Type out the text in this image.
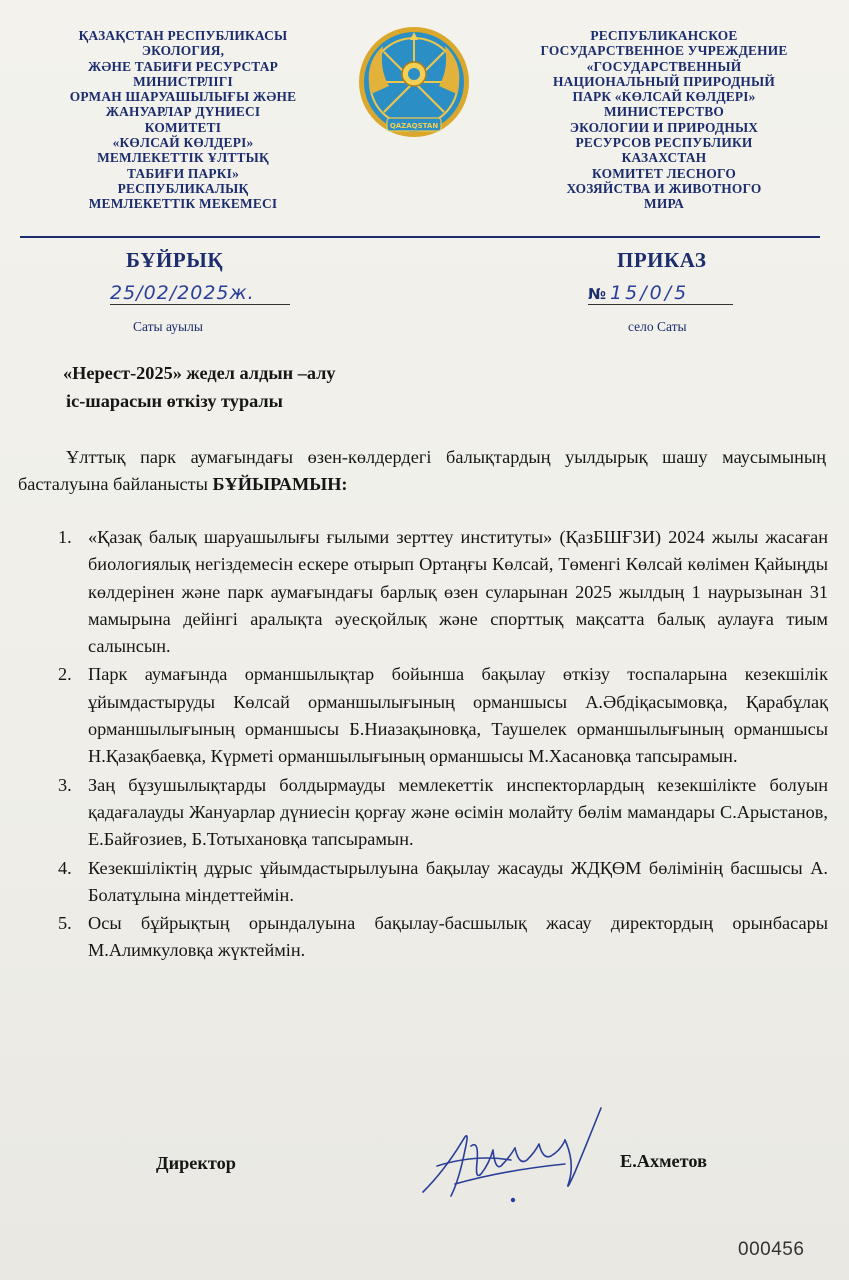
ҚАЗАҚСТАН РЕСПУБЛИКАСЫ
ЭКОЛОГИЯ,
ЖӘНЕ ТАБИҒИ РЕСУРСТАР
МИНИСТРЛІГІ
ОРМАН ШАРУАШЫЛЫҒЫ ЖӘНЕ
ЖАНУАРЛАР ДҮНИЕСІ
КОМИТЕТІ
«КӨЛСАЙ КӨЛДЕРІ»
МЕМЛЕКЕТТІК ҰЛТТЫҚ
ТАБИҒИ ПАРКІ»
РЕСПУБЛИКАЛЫҚ
МЕМЛЕКЕТТІК МЕКЕМЕСІ
QAZAQSTAN
РЕСПУБЛИКАНСКОЕ
ГОСУДАРСТВЕННОЕ УЧРЕЖДЕНИЕ
«ГОСУДАРСТВЕННЫЙ
НАЦИОНАЛЬНЫЙ ПРИРОДНЫЙ
ПАРК «КӨЛСАЙ КӨЛДЕРІ»
МИНИСТЕРСТВО
ЭКОЛОГИИ И ПРИРОДНЫХ
РЕСУРСОВ РЕСПУБЛИКИ
КАЗАХСТАН
КОМИТЕТ ЛЕСНОГО
ХОЗЯЙСТВА И ЖИВОТНОГО
МИРА
БҰЙРЫҚ	ПРИКАЗ
25/02/2025ж.	№ 15/0/5
Саты ауылы	село Саты
«Нерест-2025» жедел алдын –алу
іс-шарасын өткізу туралы
Ұлттық парк аумағындағы өзен-көлдердегі балықтардың уылдырық шашу маусымының басталуына байланысты БҰЙЫРАМЫН:
1. «Қазақ балық шаруашылығы ғылыми зерттеу институты» (ҚазБШҒЗИ) 2024 жылы жасаған биологиялық негіздемесін ескере отырып Ортаңғы Көлсай, Төменгі Көлсай көлімен Қайыңды көлдерінен және парк аумағындағы барлық өзен суларынан 2025 жылдың 1 наурызынан 31 мамырына дейінгі аралықта әуесқойлық және спорттық мақсатта балық аулауға тиым салынсын.
2. Парк аумағында орманшылықтар бойынша бақылау өткізу тоспаларына кезекшілік ұйымдастыруды Көлсай орманшылығының орманшысы А.Әбдіқасымовқа, Қарабұлақ орманшылығының орманшысы Б.Ниазақыновқа, Таушелек орманшылығының орманшысы Н.Қазақбаевқа, Күрметі орманшылығының орманшысы М.Хасановқа тапсырамын.
3. Заң бұзушылықтарды болдырмауды мемлекеттік инспекторлардың кезекшілікте болуын қадағалауды Жануарлар дүниесін қорғау және өсімін молайту бөлім мамандары С.Арыстанов, Е.Байғозиев, Б.Тотыхановқа тапсырамын.
4. Кезекшіліктің дұрыс ұйымдастырылуына бақылау жасауды ЖДҚӨМ бөлімінің басшысы А. Болатұлына міндеттеймін.
5. Осы бұйрықтың орындалуына бақылау-басшылық жасау директордың орынбасары М.Алимкуловқа жүктеймін.
Директор	Е.Ахметов
000456
